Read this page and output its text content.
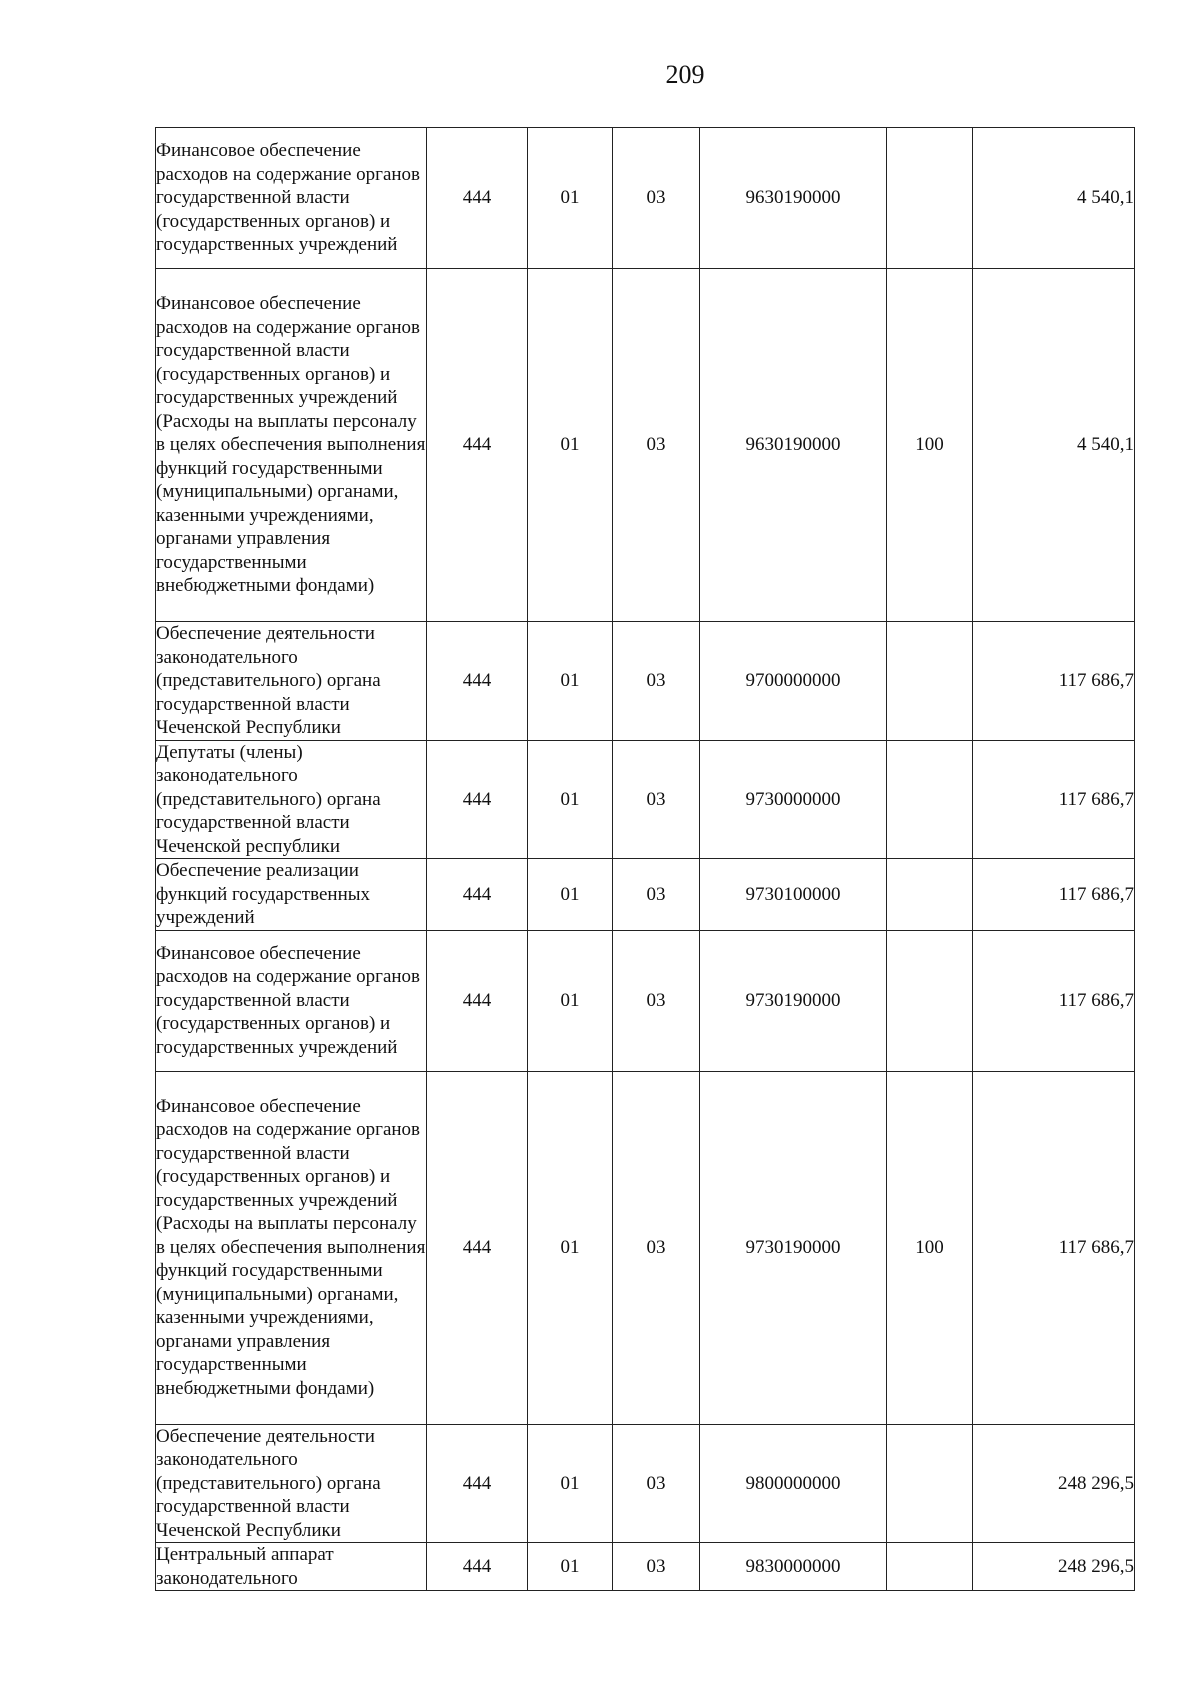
209
Финансовое обеспечение расходов на содержание органов государственной власти (государственных органов) и государственных учреждений	444	01	03	9630190000		4 540,1
Финансовое обеспечение расходов на содержание органов государственной власти (государственных органов) и государственных учреждений (Расходы на выплаты персоналу в целях обеспечения выполнения функций государственными (муниципальными) органами, казенными учреждениями, органами управления государственными внебюджетными фондами)	444	01	03	9630190000	100	4 540,1
Обеспечение деятельности законодательного (представительного) органа государственной власти Чеченской Республики	444	01	03	9700000000		117 686,7
Депутаты (члены) законодательного (представительного) органа государственной власти Чеченской республики	444	01	03	9730000000		117 686,7
Обеспечение реализации функций государственных учреждений	444	01	03	9730100000		117 686,7
Финансовое обеспечение расходов на содержание органов государственной власти (государственных органов) и государственных учреждений	444	01	03	9730190000		117 686,7
Финансовое обеспечение расходов на содержание органов государственной власти (государственных органов) и государственных учреждений (Расходы на выплаты персоналу в целях обеспечения выполнения функций государственными (муниципальными) органами, казенными учреждениями, органами управления государственными внебюджетными фондами)	444	01	03	9730190000	100	117 686,7
Обеспечение деятельности законодательного (представительного) органа государственной власти Чеченской Республики	444	01	03	9800000000		248 296,5
Центральный аппарат законодательного	444	01	03	9830000000		248 296,5
